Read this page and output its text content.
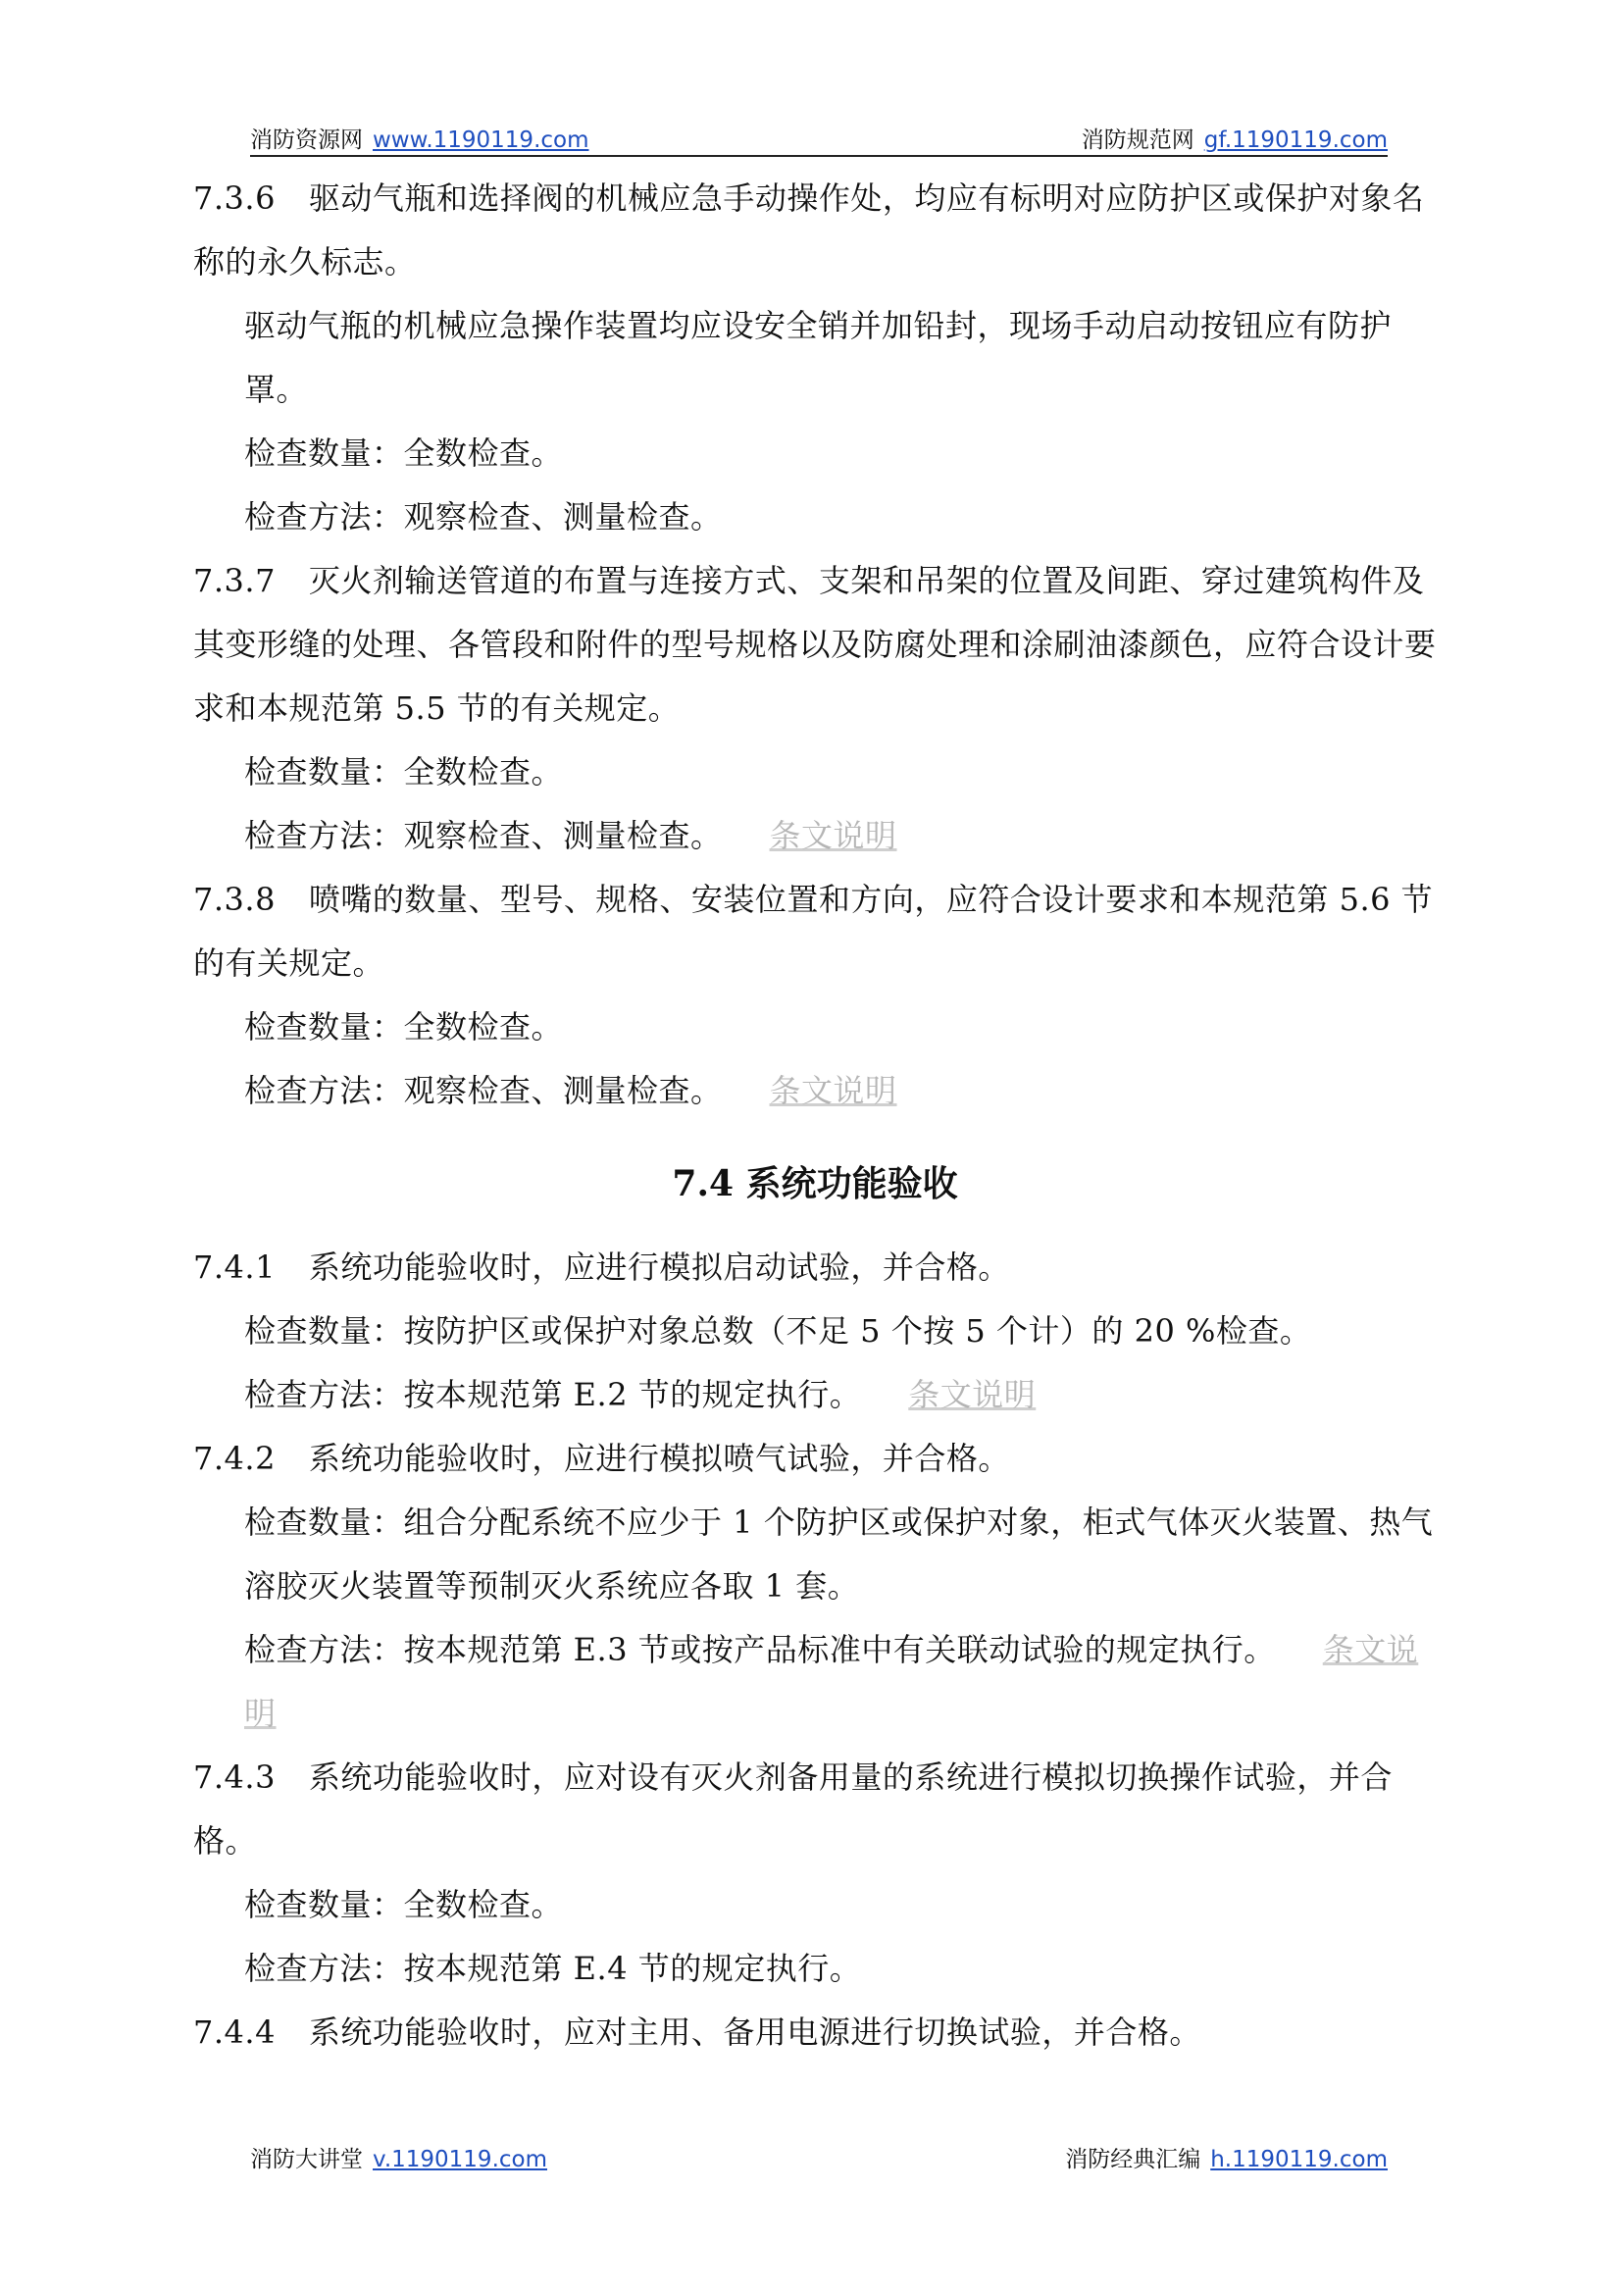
消防资源网 www.1190119.com	消防规范网 gf.1190119.com

7.3.6 驱动气瓶和选择阀的机械应急手动操作处，均应有标明对应防护区或保护对象名称的永久标志。

驱动气瓶的机械应急操作装置均应设安全销并加铅封，现场手动启动按钮应有防护罩。

检查数量：全数检查。

检查方法：观察检查、测量检查。

7.3.7 灭火剂输送管道的布置与连接方式、支架和吊架的位置及间距、穿过建筑构件及其变形缝的处理、各管段和附件的型号规格以及防腐处理和涂刷油漆颜色，应符合设计要求和本规范第 5.5 节的有关规定。

检查数量：全数检查。

检查方法：观察检查、测量检查。 条文说明

7.3.8 喷嘴的数量、型号、规格、安装位置和方向，应符合设计要求和本规范第 5.6 节的有关规定。

检查数量：全数检查。

检查方法：观察检查、测量检查。 条文说明

7.4 系统功能验收

7.4.1 系统功能验收时，应进行模拟启动试验，并合格。

检查数量：按防护区或保护对象总数（不足 5 个按 5 个计）的 20 %检查。

检查方法：按本规范第 E.2 节的规定执行。 条文说明

7.4.2 系统功能验收时，应进行模拟喷气试验，并合格。

检查数量：组合分配系统不应少于 1 个防护区或保护对象，柜式气体灭火装置、热气溶胶灭火装置等预制灭火系统应各取 1 套。

检查方法：按本规范第 E.3 节或按产品标准中有关联动试验的规定执行。 条文说明

7.4.3 系统功能验收时，应对设有灭火剂备用量的系统进行模拟切换操作试验，并合格。

检查数量：全数检查。

检查方法：按本规范第 E.4 节的规定执行。

7.4.4 系统功能验收时，应对主用、备用电源进行切换试验，并合格。

消防大讲堂 v.1190119.com	消防经典汇编 h.1190119.com
